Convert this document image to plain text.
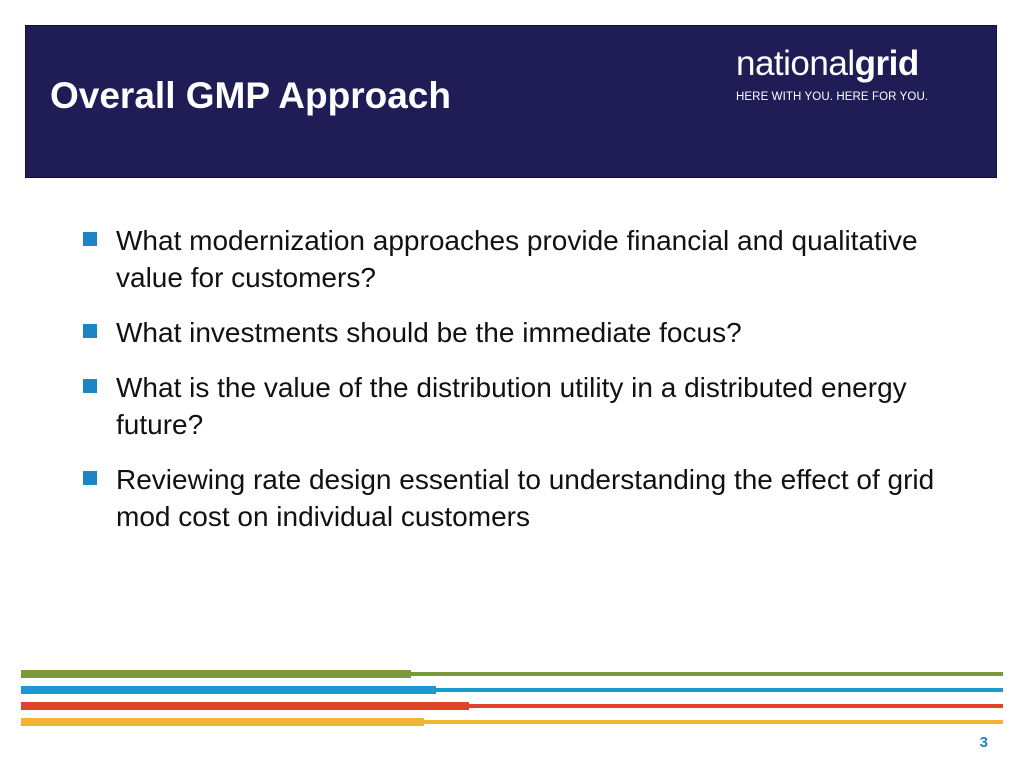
Overall GMP Approach
nationalgrid
HERE WITH YOU. HERE FOR YOU.
What modernization approaches provide financial and qualitative value for customers?
What investments should be the immediate focus?
What is the value of the distribution utility in a distributed energy future?
Reviewing rate design essential to understanding the effect of grid mod cost on individual customers
3
